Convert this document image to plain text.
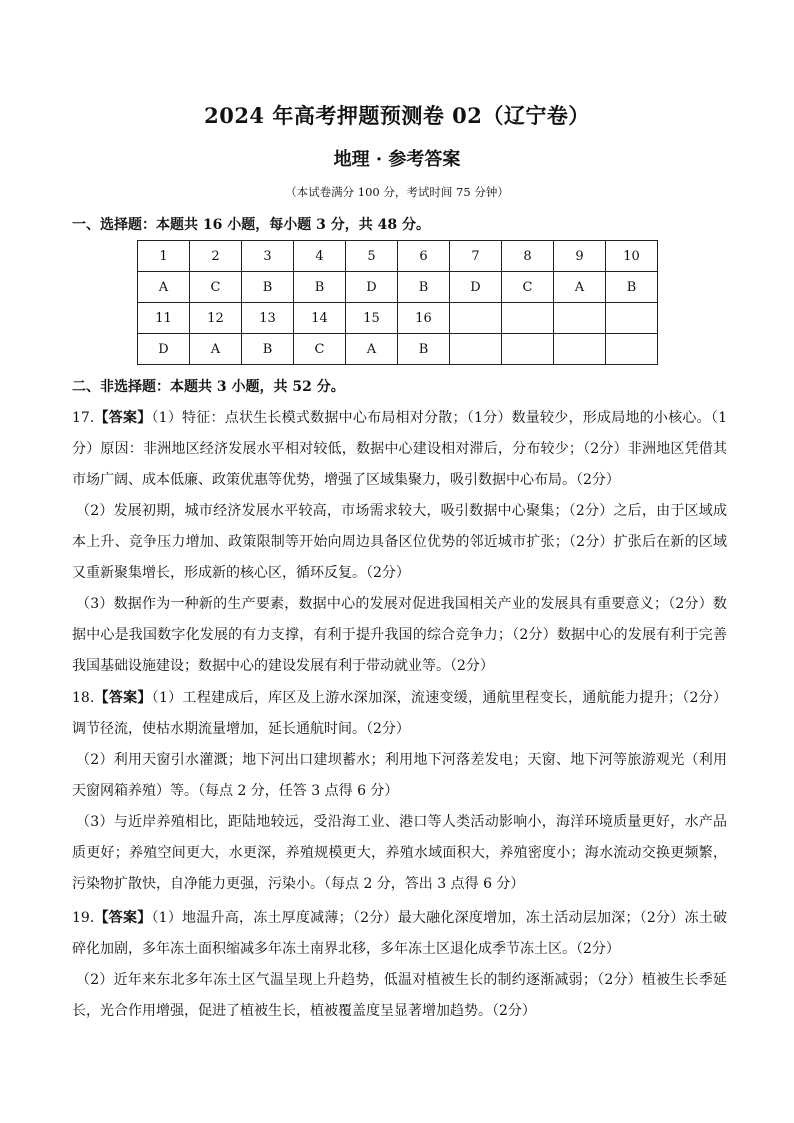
2024 年高考押题预测卷 02（辽宁卷）
地理 · 参考答案
（本试卷满分 100 分，考试时间 75 分钟）
一、选择题：本题共 16 小题，每小题 3 分，共 48 分。
1	2	3	4	5	6	7	8	9	10
A	C	B	B	D	B	D	C	A	B
11	12	13	14	15	16				
D	A	B	C	A	B				
二、非选择题：本题共 3 小题，共 52 分。
17.【答案】（1）特征：点状生长模式数据中心布局相对分散；（1分）数量较少，形成局地的小核心。（1分）原因：非洲地区经济发展水平相对较低，数据中心建设相对滞后，分布较少；（2分）非洲地区凭借其市场广阔、成本低廉、政策优惠等优势，增强了区域集聚力，吸引数据中心布局。（2分）
（2）发展初期，城市经济发展水平较高，市场需求较大，吸引数据中心聚集；（2分）之后，由于区域成本上升、竞争压力增加、政策限制等开始向周边具备区位优势的邻近城市扩张；（2分）扩张后在新的区域又重新聚集增长，形成新的核心区，循环反复。（2分）
（3）数据作为一种新的生产要素，数据中心的发展对促进我国相关产业的发展具有重要意义；（2分）数据中心是我国数字化发展的有力支撑，有利于提升我国的综合竞争力；（2分）数据中心的发展有利于完善我国基础设施建设；数据中心的建设发展有利于带动就业等。（2分）
18.【答案】（1）工程建成后，库区及上游水深加深，流速变缓，通航里程变长，通航能力提升；（2分）调节径流，使枯水期流量增加，延长通航时间。（2分）
（2）利用天窗引水灌溉；地下河出口建坝蓄水；利用地下河落差发电；天窗、地下河等旅游观光（利用天窗网箱养殖）等。（每点 2 分，任答 3 点得 6 分）
（3）与近岸养殖相比，距陆地较远，受沿海工业、港口等人类活动影响小，海洋环境质量更好，水产品质更好；养殖空间更大，水更深，养殖规模更大，养殖水域面积大，养殖密度小；海水流动交换更频繁，污染物扩散快，自净能力更强，污染小。（每点 2 分，答出 3 点得 6 分）
19.【答案】（1）地温升高，冻土厚度减薄；（2分）最大融化深度增加，冻土活动层加深；（2分）冻土破碎化加剧，多年冻土面积缩减多年冻土南界北移，多年冻土区退化成季节冻土区。（2分）
（2）近年来东北多年冻土区气温呈现上升趋势，低温对植被生长的制约逐渐减弱；（2分）植被生长季延长，光合作用增强，促进了植被生长，植被覆盖度呈显著增加趋势。（2分）
